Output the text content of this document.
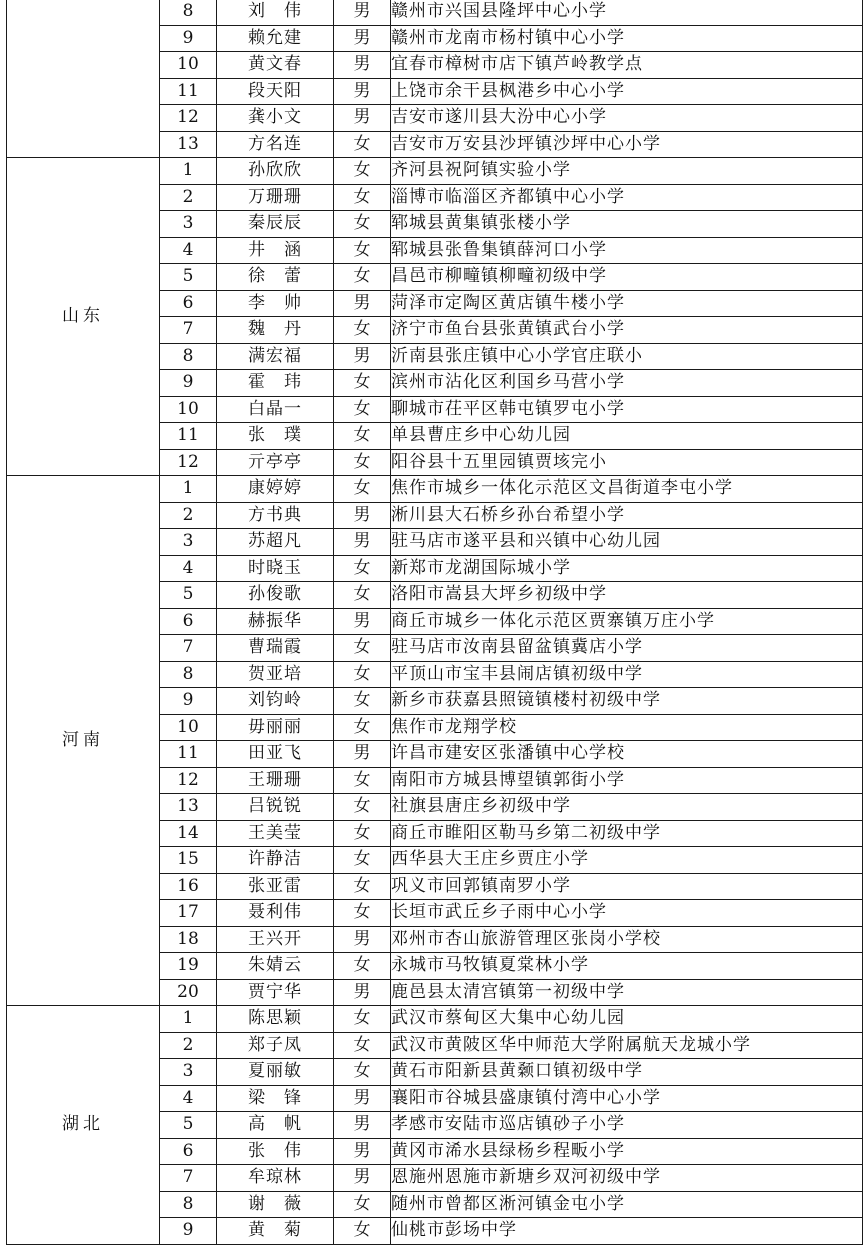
	8	刘　伟	男	赣州市兴国县隆坪中心小学
	9	赖允建	男	赣州市龙南市杨村镇中心小学
	10	黄文春	男	宜春市樟树市店下镇芦岭教学点
	11	段天阳	男	上饶市余干县枫港乡中心小学
	12	龚小文	男	吉安市遂川县大汾中心小学
	13	方名连	女	吉安市万安县沙坪镇沙坪中心小学
山东	1	孙欣欣	女	齐河县祝阿镇实验小学
	2	万珊珊	女	淄博市临淄区齐都镇中心小学
	3	秦辰辰	女	郓城县黄集镇张楼小学
	4	井　涵	女	郓城县张鲁集镇薛河口小学
	5	徐　蕾	女	昌邑市柳疃镇柳疃初级中学
	6	李　帅	男	菏泽市定陶区黄店镇牛楼小学
	7	魏　丹	女	济宁市鱼台县张黄镇武台小学
	8	满宏福	男	沂南县张庄镇中心小学官庄联小
	9	霍　玮	女	滨州市沾化区利国乡马营小学
	10	白晶一	女	聊城市茌平区韩屯镇罗屯小学
	11	张　璞	女	单县曹庄乡中心幼儿园
	12	亓亭亭	女	阳谷县十五里园镇贾垓完小
河南	1	康婷婷	女	焦作市城乡一体化示范区文昌街道李屯小学
	2	方书典	男	淅川县大石桥乡孙台希望小学
	3	苏超凡	男	驻马店市遂平县和兴镇中心幼儿园
	4	时晓玉	女	新郑市龙湖国际城小学
	5	孙俊歌	女	洛阳市嵩县大坪乡初级中学
	6	赫振华	男	商丘市城乡一体化示范区贾寨镇万庄小学
	7	曹瑞霞	女	驻马店市汝南县留盆镇冀店小学
	8	贺亚培	女	平顶山市宝丰县闹店镇初级中学
	9	刘钧岭	女	新乡市获嘉县照镜镇楼村初级中学
	10	毋丽丽	女	焦作市龙翔学校
	11	田亚飞	男	许昌市建安区张潘镇中心学校
	12	王珊珊	女	南阳市方城县博望镇郭街小学
	13	吕锐锐	女	社旗县唐庄乡初级中学
	14	王美莹	女	商丘市睢阳区勒马乡第二初级中学
	15	许静洁	女	西华县大王庄乡贾庄小学
	16	张亚雷	女	巩义市回郭镇南罗小学
	17	聂利伟	女	长垣市武丘乡子雨中心小学
	18	王兴开	男	邓州市杏山旅游管理区张岗小学校
	19	朱婧云	女	永城市马牧镇夏棠林小学
	20	贾宁华	男	鹿邑县太清宫镇第一初级中学
湖北	1	陈思颖	女	武汉市蔡甸区大集中心幼儿园
	2	郑子凤	女	武汉市黄陂区华中师范大学附属航天龙城小学
	3	夏丽敏	女	黄石市阳新县黄颡口镇初级中学
	4	梁　锋	男	襄阳市谷城县盛康镇付湾中心小学
	5	高　帆	男	孝感市安陆市巡店镇砂子小学
	6	张　伟	男	黄冈市浠水县绿杨乡程畈小学
	7	牟琼林	男	恩施州恩施市新塘乡双河初级中学
	8	谢　薇	女	随州市曾都区淅河镇金屯小学
	9	黄　菊	女	仙桃市彭场中学
